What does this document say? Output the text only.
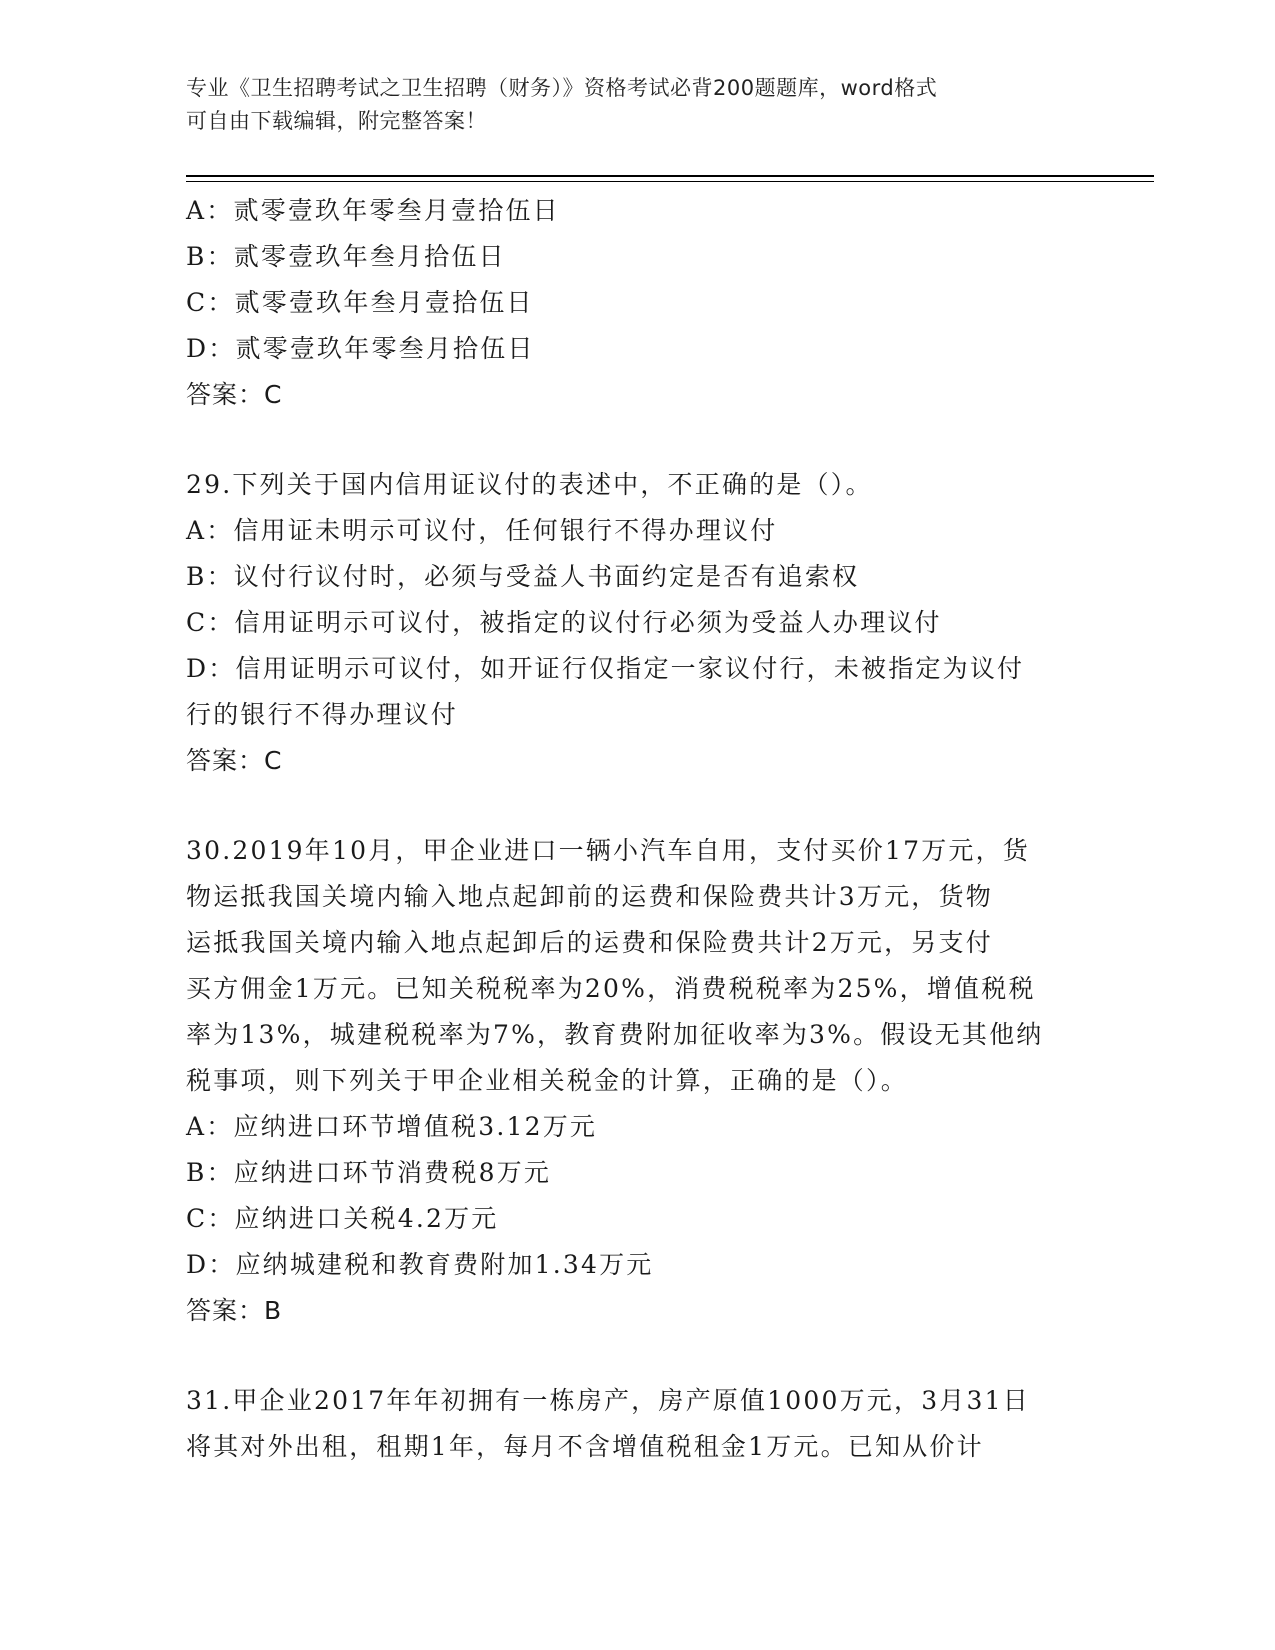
专业《卫生招聘考试之卫生招聘（财务）》资格考试必背200题题库，word格式
可自由下载编辑，附完整答案！
A：贰零壹玖年零叁月壹拾伍日
B：贰零壹玖年叁月拾伍日
C：贰零壹玖年叁月壹拾伍日
D：贰零壹玖年零叁月拾伍日
答案：C
29.下列关于国内信用证议付的表述中，不正确的是（）。
A：信用证未明示可议付，任何银行不得办理议付
B：议付行议付时，必须与受益人书面约定是否有追索权
C：信用证明示可议付，被指定的议付行必须为受益人办理议付
D：信用证明示可议付，如开证行仅指定一家议付行，未被指定为议付
行的银行不得办理议付
答案：C
30.2019年10月，甲企业进口一辆小汽车自用，支付买价17万元，货
物运抵我国关境内输入地点起卸前的运费和保险费共计3万元，货物
运抵我国关境内输入地点起卸后的运费和保险费共计2万元，另支付
买方佣金1万元。已知关税税率为20%，消费税税率为25%，增值税税
率为13%，城建税税率为7%，教育费附加征收率为3%。假设无其他纳
税事项，则下列关于甲企业相关税金的计算，正确的是（）。
A：应纳进口环节增值税3.12万元
B：应纳进口环节消费税8万元
C：应纳进口关税4.2万元
D：应纳城建税和教育费附加1.34万元
答案：B
31.甲企业2017年年初拥有一栋房产，房产原值1000万元，3月31日
将其对外出租，租期1年，每月不含增值税租金1万元。已知从价计
